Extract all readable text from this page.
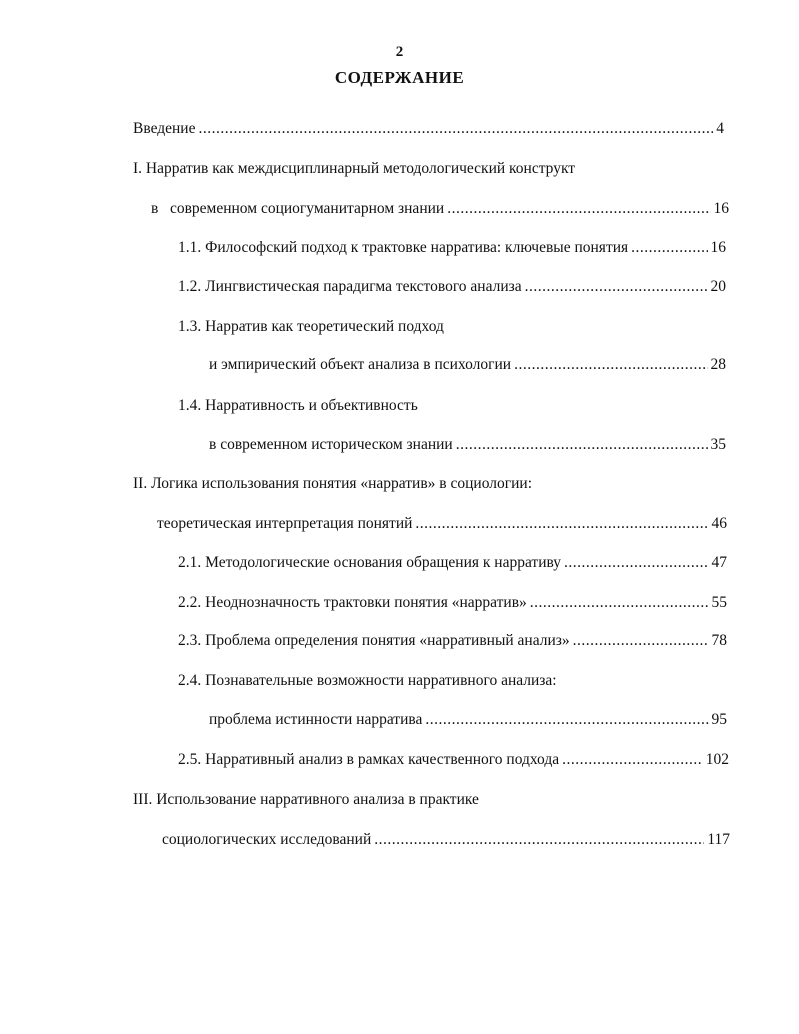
2
СОДЕРЖАНИЕ
Введение .....	4
I. Нарратив как междисциплинарный методологический конструкт
в современном социогуманитарном знании .....	16
1.1. Философский подход к трактовке нарратива: ключевые понятия .....	16
1.2. Лингвистическая парадигма текстового анализа .....	20
1.3. Нарратив как теоретический подход
и эмпирический объект анализа в психологии .....	28
1.4. Нарративность и объективность
в современном историческом знании .....	35
II. Логика использования понятия «нарратив» в социологии:
теоретическая интерпретация понятий .....	46
2.1. Методологические основания обращения к нарративу .....	47
2.2. Неоднозначность трактовки понятия «нарратив» .....	55
2.3. Проблема определения понятия «нарративный анализ» .....	78
2.4. Познавательные возможности нарративного анализа:
проблема истинности нарратива .....	95
2.5. Нарративный анализ в рамках качественного подхода .....	102
III. Использование нарративного анализа в практике
социологических исследований .....	117
